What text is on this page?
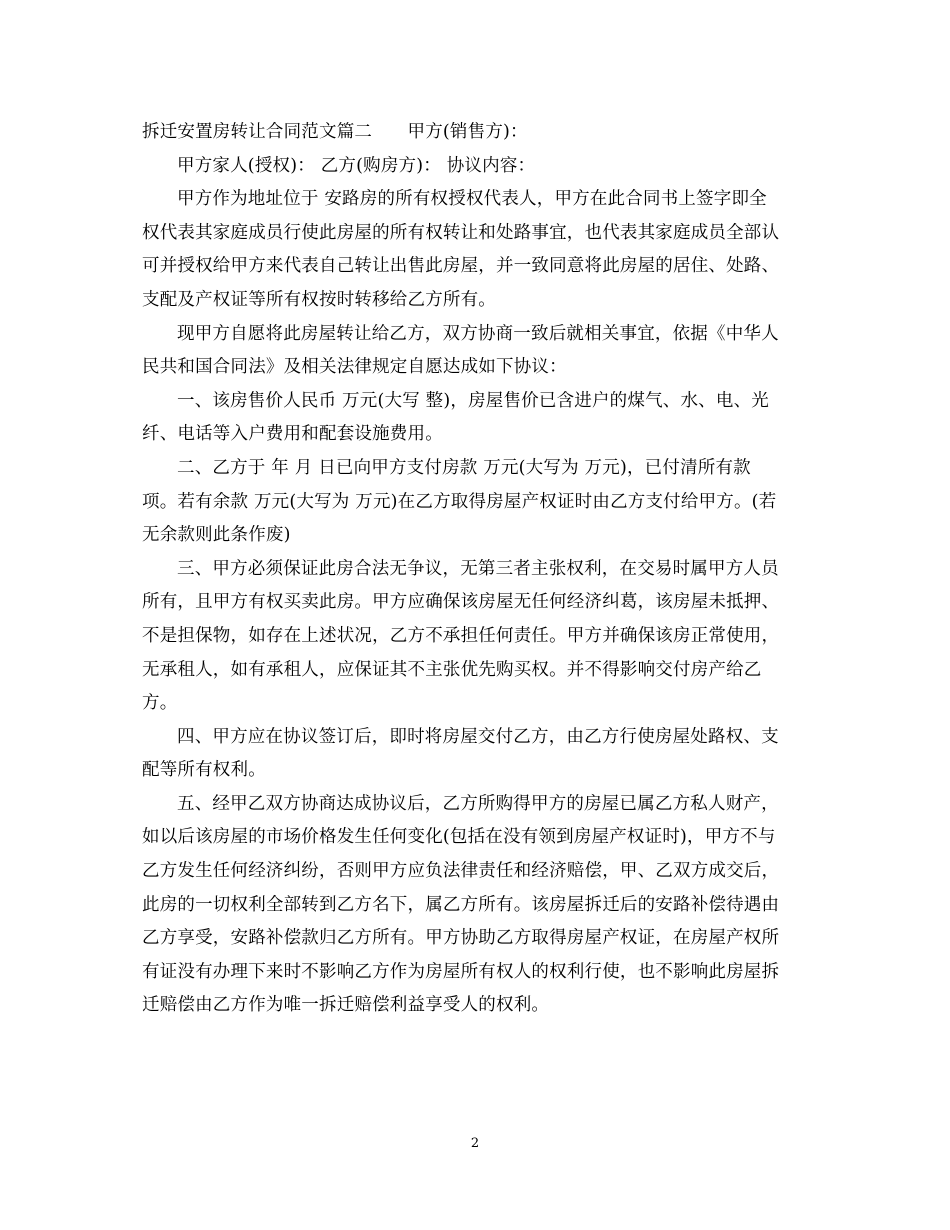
拆迁安置房转让合同范文篇二　　甲方(销售方)：
甲方家人(授权)： 乙方(购房方)： 协议内容：
甲方作为地址位于 安路房的所有权授权代表人，甲方在此合同书上签字即全
权代表其家庭成员行使此房屋的所有权转让和处路事宜，也代表其家庭成员全部认
可并授权给甲方来代表自己转让出售此房屋，并一致同意将此房屋的居住、处路、
支配及产权证等所有权按时转移给乙方所有。
现甲方自愿将此房屋转让给乙方，双方协商一致后就相关事宜，依据《中华人
民共和国合同法》及相关法律规定自愿达成如下协议：
一、该房售价人民币 万元(大写 整)，房屋售价已含进户的煤气、水、电、光
纤、电话等入户费用和配套设施费用。
二、乙方于 年 月 日已向甲方支付房款 万元(大写为 万元)，已付清所有款
项。若有余款 万元(大写为 万元)在乙方取得房屋产权证时由乙方支付给甲方。(若
无余款则此条作废)
三、甲方必须保证此房合法无争议，无第三者主张权利，在交易时属甲方人员
所有，且甲方有权买卖此房。甲方应确保该房屋无任何经济纠葛，该房屋未抵押、
不是担保物，如存在上述状况，乙方不承担任何责任。甲方并确保该房正常使用，
无承租人，如有承租人，应保证其不主张优先购买权。并不得影响交付房产给乙
方。
四、甲方应在协议签订后，即时将房屋交付乙方，由乙方行使房屋处路权、支
配等所有权利。
五、经甲乙双方协商达成协议后，乙方所购得甲方的房屋已属乙方私人财产，
如以后该房屋的市场价格发生任何变化(包括在没有领到房屋产权证时)，甲方不与
乙方发生任何经济纠纷，否则甲方应负法律责任和经济赔偿，甲、乙双方成交后，
此房的一切权利全部转到乙方名下，属乙方所有。该房屋拆迁后的安路补偿待遇由
乙方享受，安路补偿款归乙方所有。甲方协助乙方取得房屋产权证，在房屋产权所
有证没有办理下来时不影响乙方作为房屋所有权人的权利行使，也不影响此房屋拆
迁赔偿由乙方作为唯一拆迁赔偿利益享受人的权利。
2
